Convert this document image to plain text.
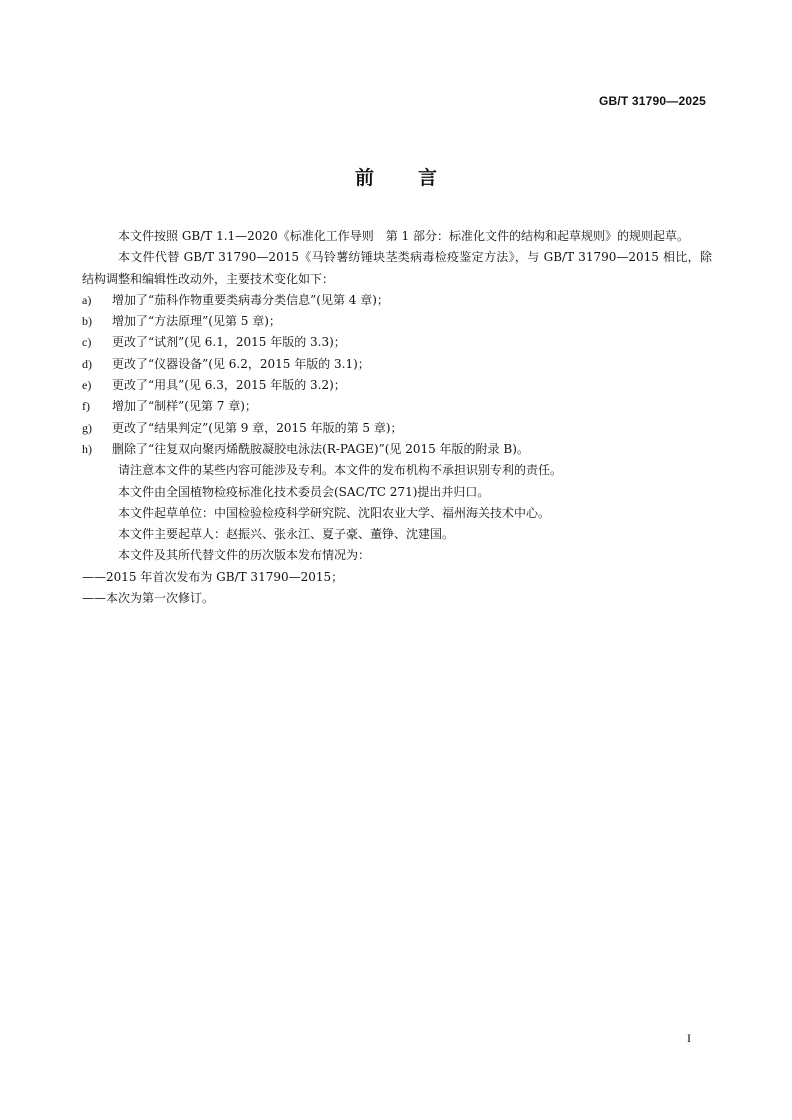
GB/T 31790—2025
前 言

本文件按照 GB/T 1.1—2020《标准化工作导则　第 1 部分：标准化文件的结构和起草规则》的规则起草。

本文件代替 GB/T 31790—2015《马铃薯纺锤块茎类病毒检疫鉴定方法》，与 GB/T 31790—2015 相比，除结构调整和编辑性改动外，主要技术变化如下：

a) 增加了“茄科作物重要类病毒分类信息”(见第 4 章)；

b) 增加了“方法原理”(见第 5 章)；

c) 更改了“试剂”(见 6.1，2015 年版的 3.3)；

d) 更改了“仪器设备”(见 6.2，2015 年版的 3.1)；

e) 更改了“用具”(见 6.3，2015 年版的 3.2)；

f) 增加了“制样”(见第 7 章)；

g) 更改了“结果判定”(见第 9 章，2015 年版的第 5 章)；

h) 删除了“往复双向聚丙烯酰胺凝胶电泳法(R-PAGE)”(见 2015 年版的附录 B)。

请注意本文件的某些内容可能涉及专利。本文件的发布机构不承担识别专利的责任。

本文件由全国植物检疫标准化技术委员会(SAC/TC 271)提出并归口。

本文件起草单位：中国检验检疫科学研究院、沈阳农业大学、福州海关技术中心。

本文件主要起草人：赵振兴、张永江、夏子豪、董铮、沈建国。

本文件及其所代替文件的历次版本发布情况为：

——2015 年首次发布为 GB/T 31790—2015；

——本次为第一次修订。

I
